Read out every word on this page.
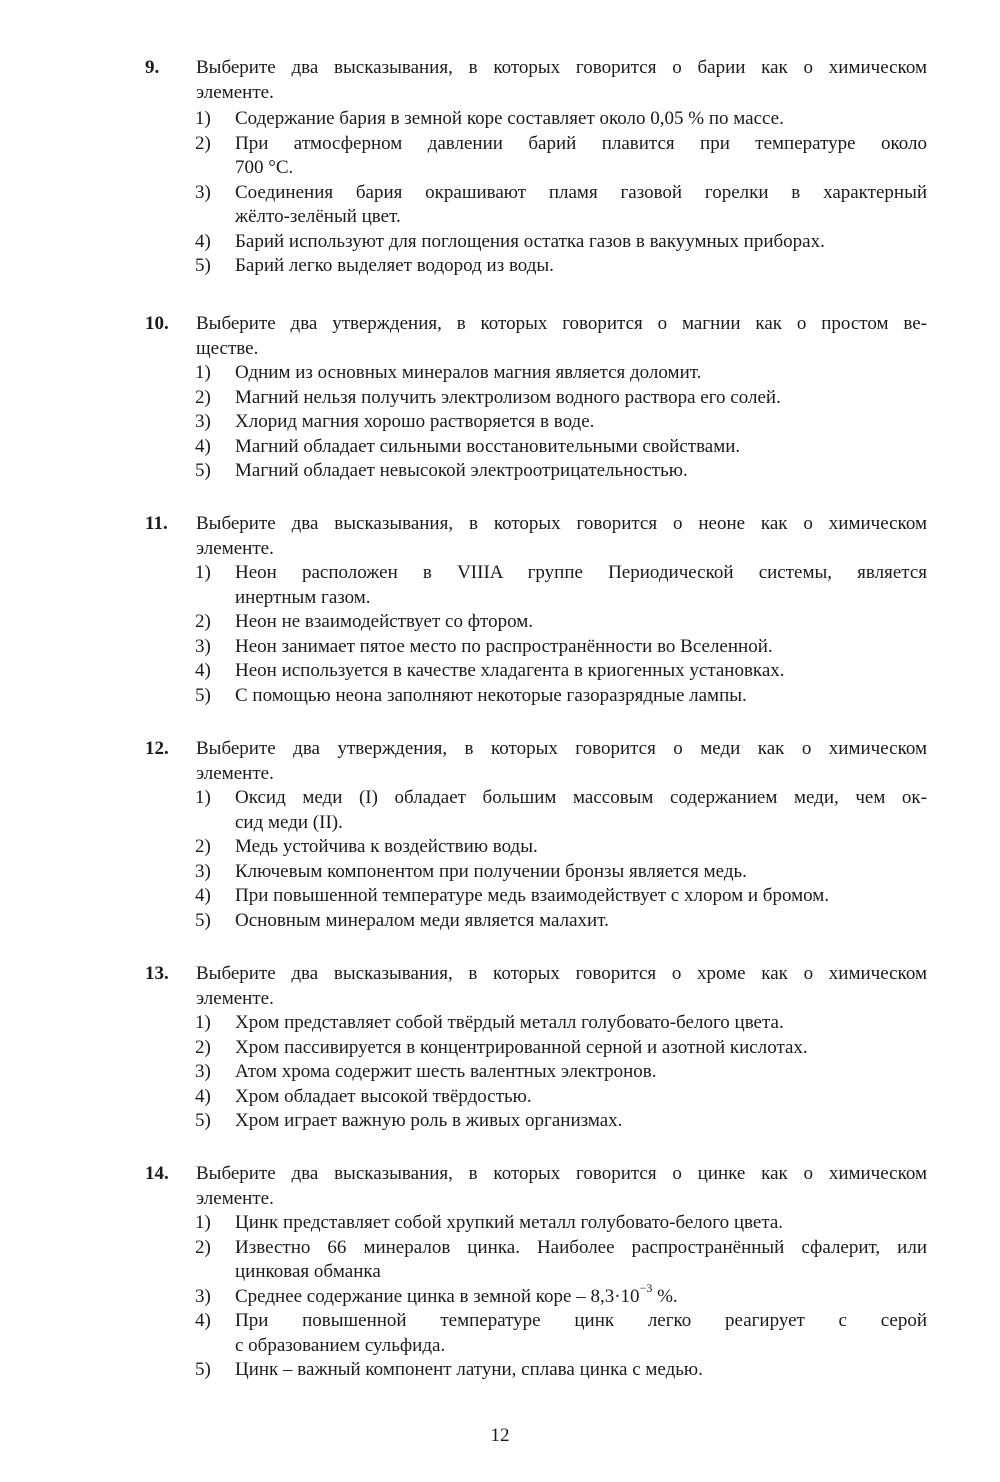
9.	Выберите два высказывания, в которых говорится о барии как о химическом
элементе.
1)	Содержание бария в земной коре составляет около 0,05 % по массе.
2)	При атмосферном давлении барий плавится при температуре около
700 °C.
3)	Соединения бария окрашивают пламя газовой горелки в характерный
жёлто-зелёный цвет.
4)	Барий используют для поглощения остатка газов в вакуумных приборах.
5)	Барий легко выделяет водород из воды.
10.	Выберите два утверждения, в которых говорится о магнии как о простом ве-
ществе.
1)	Одним из основных минералов магния является доломит.
2)	Магний нельзя получить электролизом водного раствора его солей.
3)	Хлорид магния хорошо растворяется в воде.
4)	Магний обладает сильными восстановительными свойствами.
5)	Магний обладает невысокой электроотрицательностью.
11.	Выберите два высказывания, в которых говорится о неоне как о химическом
элементе.
1)	Неон расположен в VIIIA группе Периодической системы, является
инертным газом.
2)	Неон не взаимодействует со фтором.
3)	Неон занимает пятое место по распространённости во Вселенной.
4)	Неон используется в качестве хладагента в криогенных установках.
5)	С помощью неона заполняют некоторые газоразрядные лампы.
12.	Выберите два утверждения, в которых говорится о меди как о химическом
элементе.
1)	Оксид меди (I) обладает большим массовым содержанием меди, чем ок-
сид меди (II).
2)	Медь устойчива к воздействию воды.
3)	Ключевым компонентом при получении бронзы является медь.
4)	При повышенной температуре медь взаимодействует с хлором и бромом.
5)	Основным минералом меди является малахит.
13.	Выберите два высказывания, в которых говорится о хроме как о химическом
элементе.
1)	Хром представляет собой твёрдый металл голубовато-белого цвета.
2)	Хром пассивируется в концентрированной серной и азотной кислотах.
3)	Атом хрома содержит шесть валентных электронов.
4)	Хром обладает высокой твёрдостью.
5)	Хром играет важную роль в живых организмах.
14.	Выберите два высказывания, в которых говорится о цинке как о химическом
элементе.
1)	Цинк представляет собой хрупкий металл голубовато-белого цвета.
2)	Известно 66 минералов цинка. Наиболее распространённый сфалерит, или
цинковая обманка
3)	Среднее содержание цинка в земной коре – $8,3\cdot 10^{-3}$ %.
4)	При повышенной температуре цинк легко реагирует с серой
с образованием сульфида.
5)	Цинк – важный компонент латуни, сплава цинка с медью.
12
